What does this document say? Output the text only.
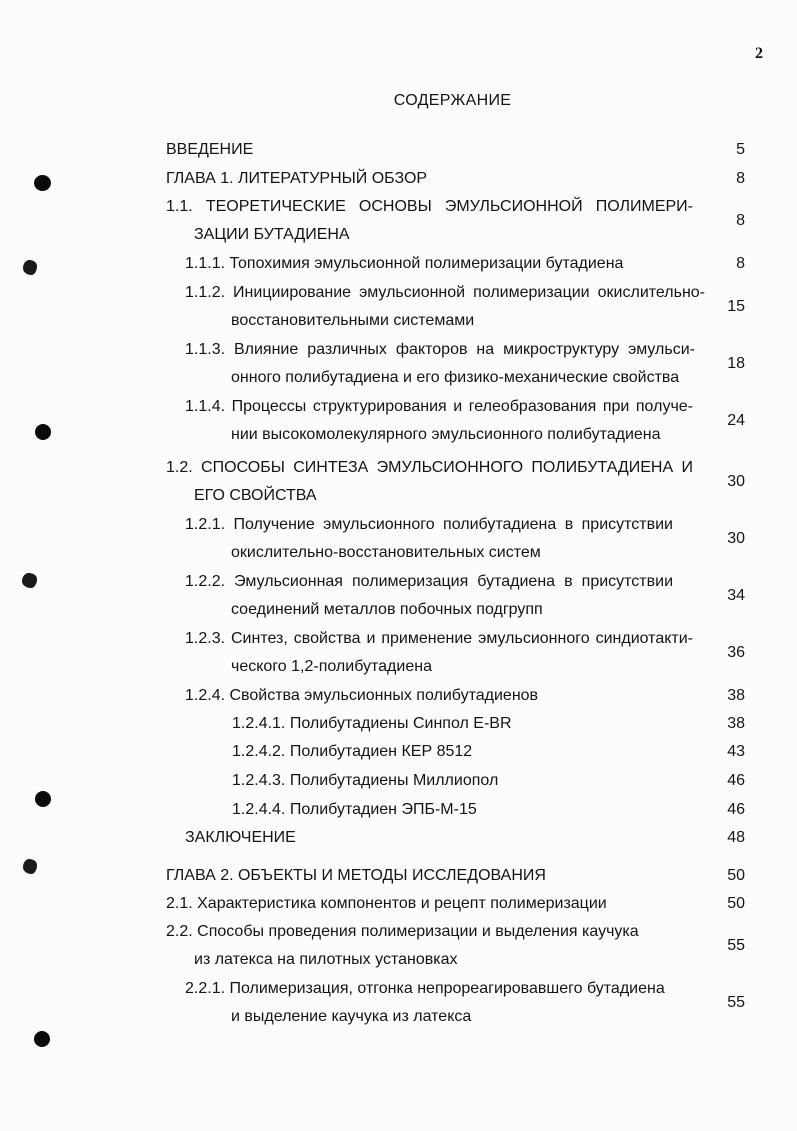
2
СОДЕРЖАНИЕ
ВВЕДЕНИЕ	5
ГЛАВА 1. ЛИТЕРАТУРНЫЙ ОБЗОР	8
1.1. ТЕОРЕТИЧЕСКИЕ ОСНОВЫ ЭМУЛЬСИОННОЙ ПОЛИМЕРИ-
ЗАЦИИ БУТАДИЕНА
8
1.1.1. Топохимия эмульсионной полимеризации бутадиена	8
1.1.2. Инициирование эмульсионной полимеризации окислительно-
восстановительными системами
15
1.1.3. Влияние различных факторов на микроструктуру эмульси-
онного полибутадиена и его физико-механические свойства
18
1.1.4. Процессы структурирования и гелеобразования при получе-
нии высокомолекулярного эмульсионного полибутадиена
24
1.2. СПОСОБЫ СИНТЕЗА ЭМУЛЬСИОННОГО ПОЛИБУТАДИЕНА И
ЕГО СВОЙСТВА
30
1.2.1. Получение эмульсионного полибутадиена в присутствии
окислительно-восстановительных систем
30
1.2.2. Эмульсионная полимеризация бутадиена в присутствии
соединений металлов побочных подгрупп
34
1.2.3. Синтез, свойства и применение эмульсионного синдиотакти-
ческого 1,2-полибутадиена
36
1.2.4. Свойства эмульсионных полибутадиенов	38
1.2.4.1. Полибутадиены Синпол E-BR	38
1.2.4.2. Полибутадиен КЕР 8512	43
1.2.4.3. Полибутадиены Миллиопол	46
1.2.4.4. Полибутадиен ЭПБ-М-15	46
ЗАКЛЮЧЕНИЕ	48
ГЛАВА 2. ОБЪЕКТЫ И МЕТОДЫ ИССЛЕДОВАНИЯ	50
2.1. Характеристика компонентов и рецепт полимеризации	50
2.2. Способы проведения полимеризации и выделения каучука
из латекса на пилотных установках
55
2.2.1. Полимеризация, отгонка непрореагировавшего бутадиена
и выделение каучука из латекса
55
